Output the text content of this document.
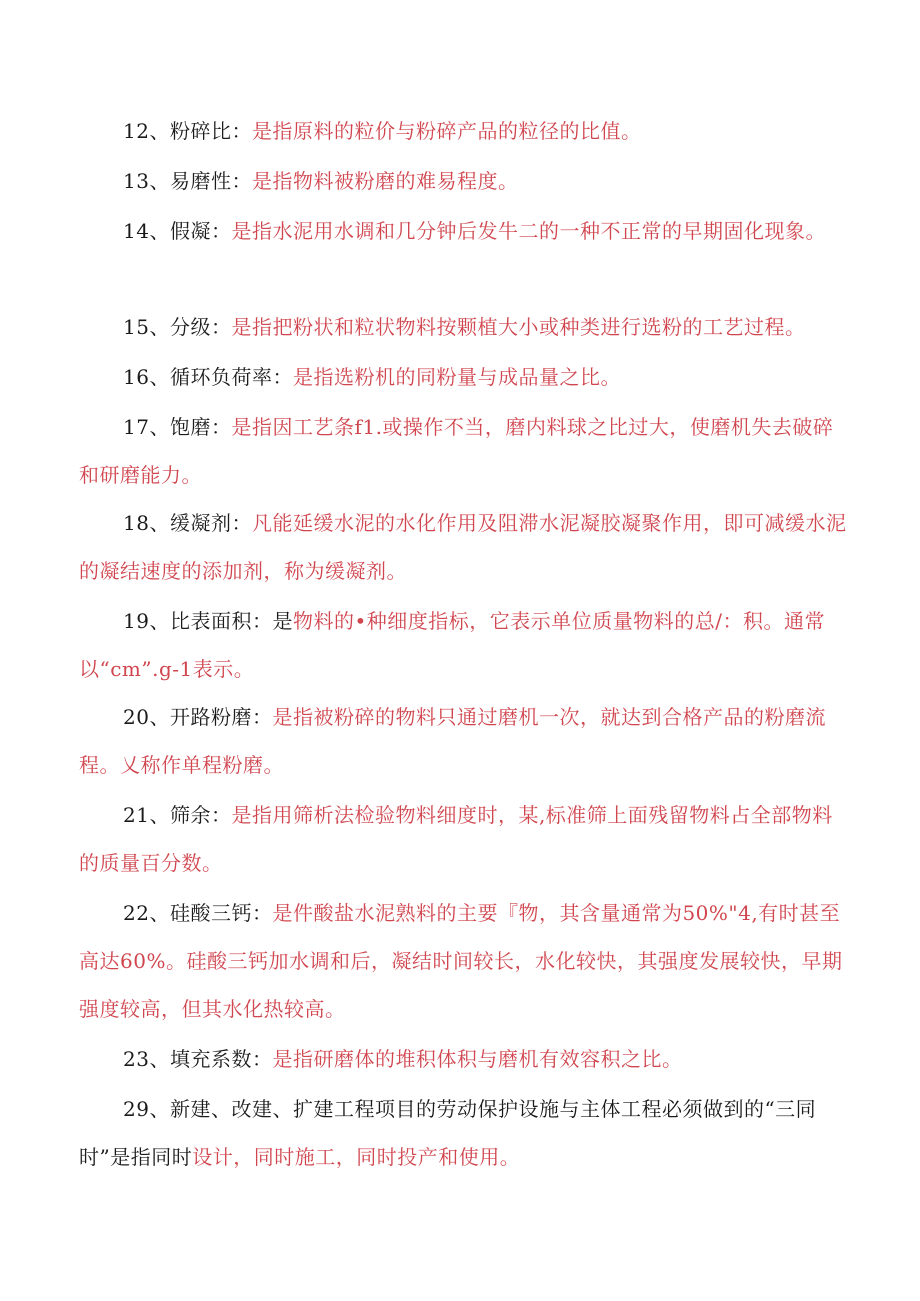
12、粉碎比：是指原料的粒价与粉碎产品的粒径的比值。

13、易磨性：是指物料被粉磨的难易程度。

14、假凝：是指水泥用水调和几分钟后发牛二的一种不正常的早期固化现象。

15、分级：是指把粉状和粒状物料按颗植大小或种类进行选粉的工艺过程。

16、循环负荷率：是指选粉机的同粉量与成品量之比。

17、饱磨：是指因工艺条f1.或操作不当，磨内料球之比过大，使磨机失去破碎和研磨能力。

18、缓凝剂：凡能延缓水泥的水化作用及阻滞水泥凝胶凝聚作用，即可减缓水泥的凝结速度的添加剂，称为缓凝剂。

19、比表面积：是物料的•种细度指标，它表示单位质量物料的总/：积。通常以“cm”.g-1表示。

20、开路粉磨：是指被粉碎的物料只通过磨机一次，就达到合格产品的粉磨流程。乂称作单程粉磨。

21、筛余：是指用筛析法检验物料细度时，某,标准筛上面残留物料占全部物料的质量百分数。

22、硅酸三钙：是件酸盐水泥熟料的主要『物，其含量通常为50%"4,有时甚至高达60%。硅酸三钙加水调和后，凝结时间较长，水化较快，其强度发展较快，早期强度较高，但其水化热较高。

23、填充系数：是指研磨体的堆积体积与磨机有效容积之比。

29、新建、改建、扩建工程项目的劳动保护设施与主体工程必须做到的“三同时”是指同时设计，同时施工，同时投产和使用。
